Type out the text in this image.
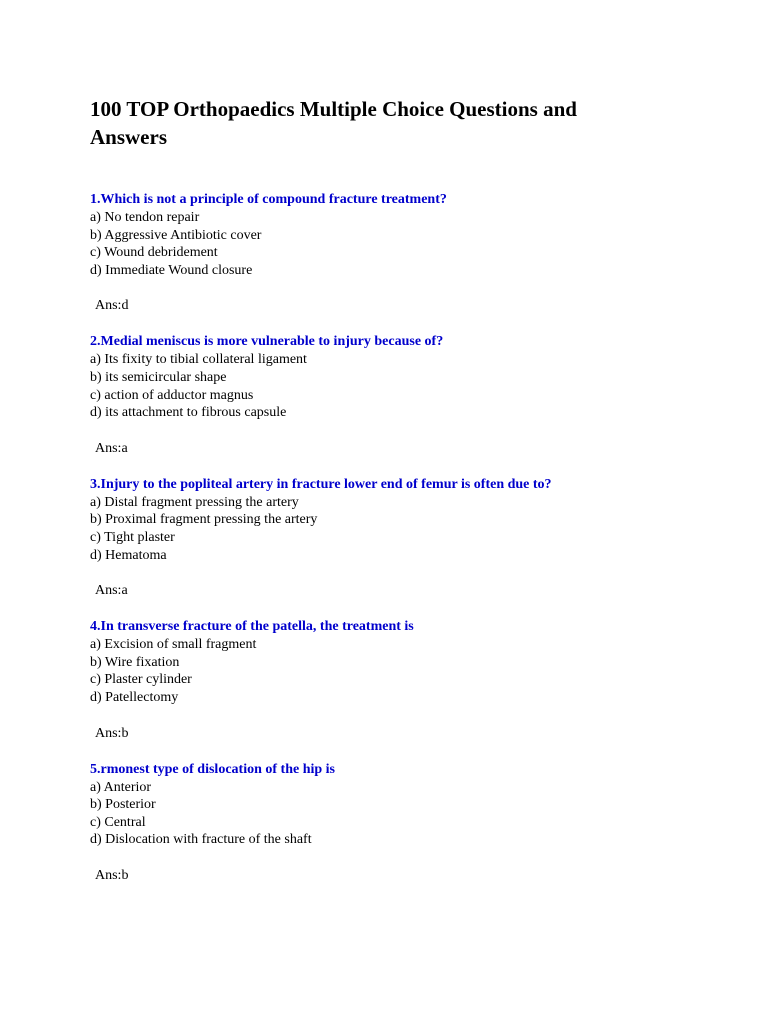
100 TOP Orthopaedics Multiple Choice Questions and Answers

1.Which is not a principle of compound fracture treatment?

a) No tendon repair
b) Aggressive Antibiotic cover
c) Wound debridement
d) Immediate Wound closure

Ans:d

2.Medial meniscus is more vulnerable to injury because of?

a) Its fixity to tibial collateral ligament
b) its semicircular shape
c) action of adductor magnus
d) its attachment to fibrous capsule

Ans:a

3.Injury to the popliteal artery in fracture lower end of femur is often due to?

a) Distal fragment pressing the artery
b) Proximal fragment pressing the artery
c) Tight plaster
d) Hematoma

Ans:a

4.In transverse fracture of the patella, the treatment is

a) Excision of small fragment
b) Wire fixation
c) Plaster cylinder
d) Patellectomy

Ans:b

5.rmonest type of dislocation of the hip is

a) Anterior
b) Posterior
c) Central
d) Dislocation with fracture of the shaft

Ans:b
